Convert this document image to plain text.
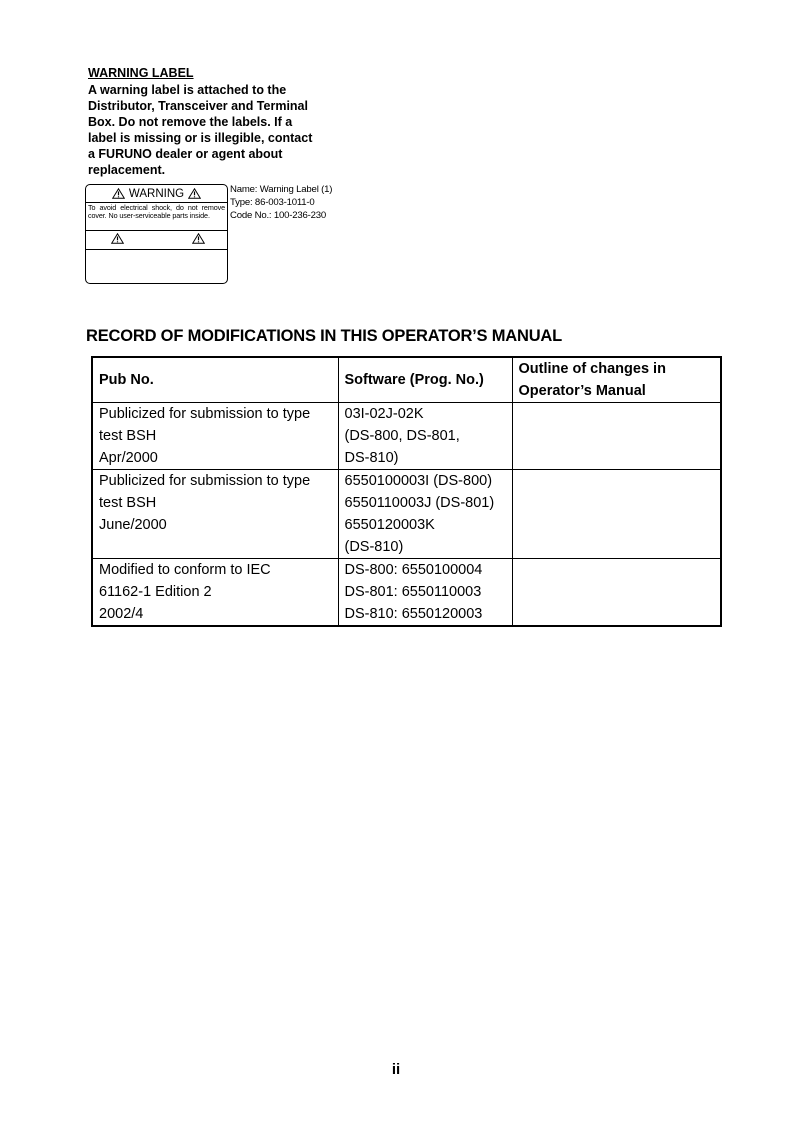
WARNING LABEL
A warning label is attached to the
Distributor, Transceiver and Terminal
Box. Do not remove the labels. If a
label is missing or is illegible, contact
a FURUNO dealer or agent about
replacement.
WARNING
To avoid electrical shock, do not remove cover. No user-serviceable parts inside.
Name: Warning Label (1)
Type: 86-003-1011-0
Code No.: 100-236-230
RECORD OF MODIFICATIONS IN THIS OPERATOR’S MANUAL
Pub No.	Software (Prog. No.)	Outline of changes in
Operator’s Manual

Publicized for submission to type
test BSH
Apr/2000	03I-02J-02K
(DS-800, DS-801,
DS-810)	

Publicized for submission to type
test BSH
June/2000	6550100003I (DS-800)
6550110003J (DS-801)
6550120003K
(DS-810)	

Modified to conform to IEC
61162-1 Edition 2
2002/4	DS-800: 6550100004
DS-801: 6550110003
DS-810: 6550120003	

ii
